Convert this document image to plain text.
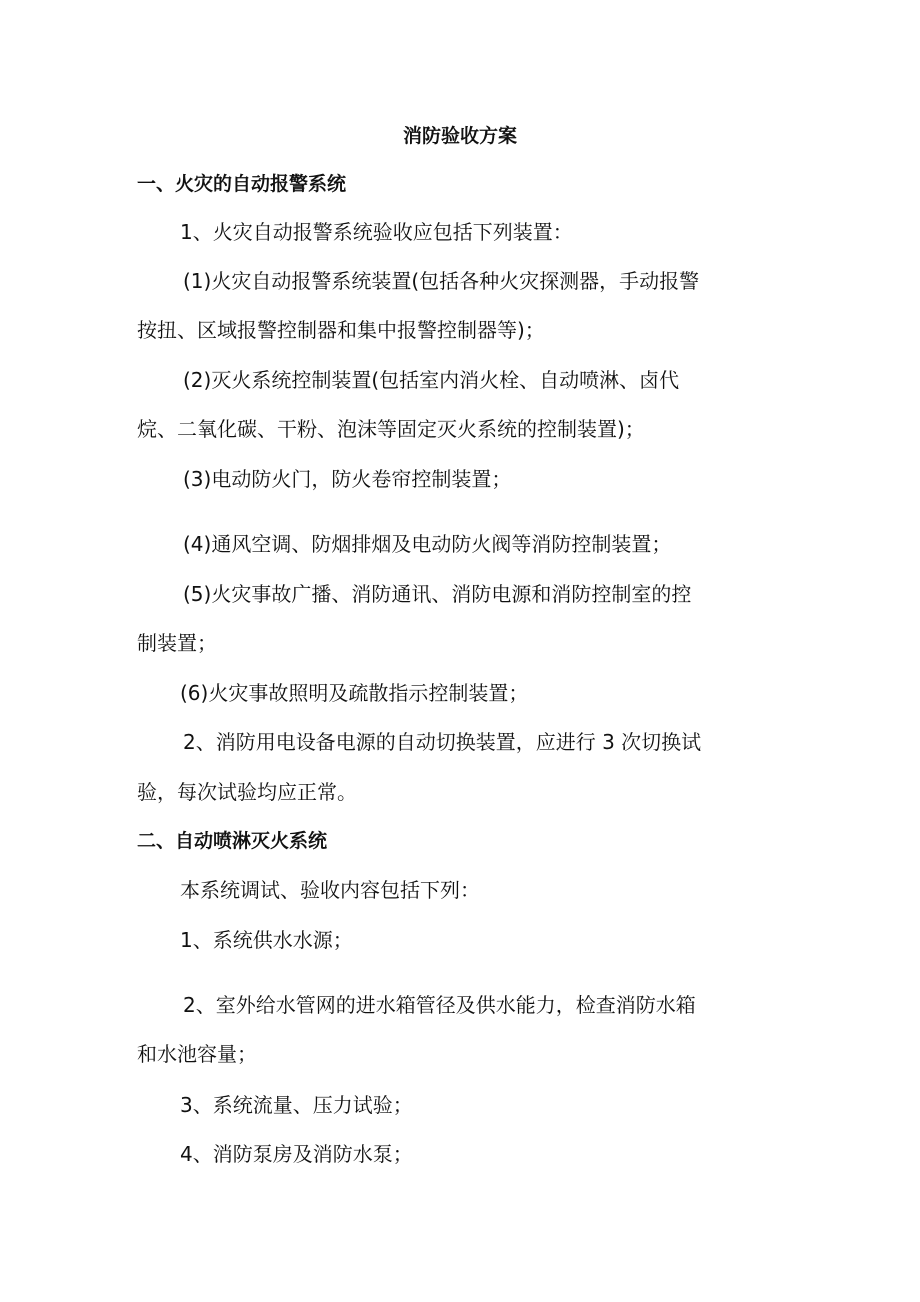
消防验收方案
一、火灾的自动报警系统
1、火灾自动报警系统验收应包括下列装置：
(1)火灾自动报警系统装置(包括各种火灾探测器，手动报警
按扭、区域报警控制器和集中报警控制器等)；
(2)灭火系统控制装置(包括室内消火栓、自动喷淋、卤代
烷、二氧化碳、干粉、泡沫等固定灭火系统的控制装置)；
(3)电动防火门，防火卷帘控制装置；
(4)通风空调、防烟排烟及电动防火阀等消防控制装置；
(5)火灾事故广播、消防通讯、消防电源和消防控制室的控
制装置；
(6)火灾事故照明及疏散指示控制装置；
2、消防用电设备电源的自动切换装置，应进行 3 次切换试
验，每次试验均应正常。
二、自动喷淋灭火系统
本系统调试、验收内容包括下列：
1、系统供水水源；
2、室外给水管网的进水箱管径及供水能力，检查消防水箱
和水池容量；
3、系统流量、压力试验；
4、消防泵房及消防水泵；
